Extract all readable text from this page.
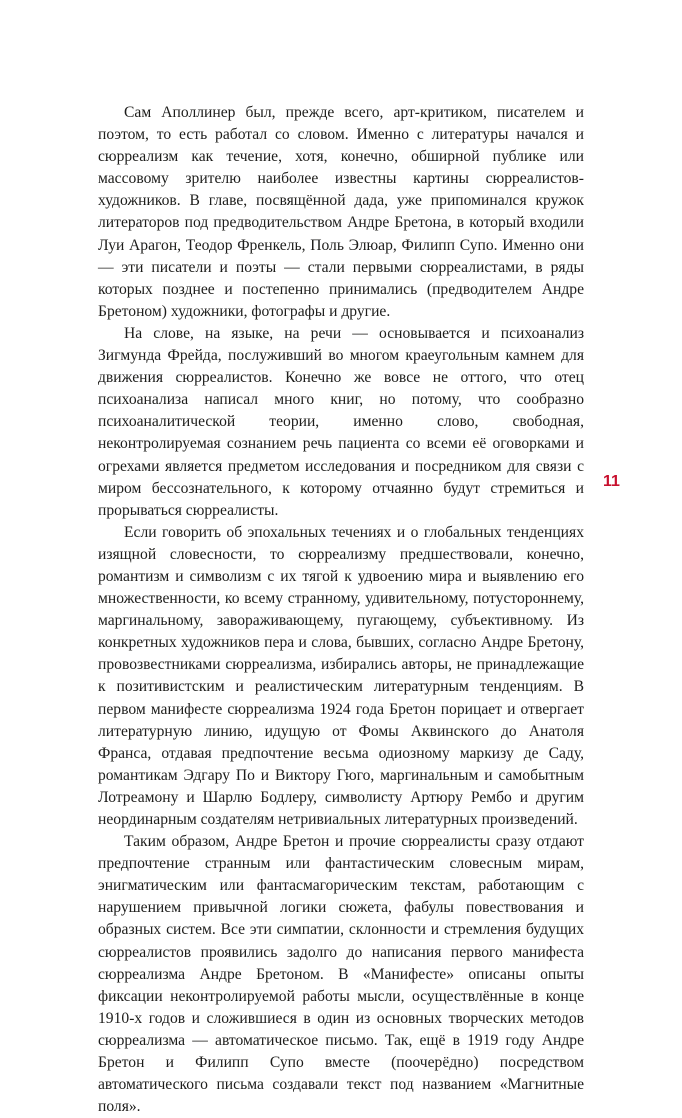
Сам Аполлинер был, прежде всего, арт-критиком, писателем и поэтом, то есть работал со словом. Именно с литературы начался и сюрреализм как течение, хотя, конечно, обширной публике или массовому зрителю наиболее известны картины сюрреалистов-художников. В главе, посвящённой дада, уже припоминался кружок литераторов под предводительством Андре Бретона, в который входили Луи Арагон, Теодор Френкель, Поль Элюар, Филипп Супо. Именно они — эти писатели и поэты — стали первыми сюрреалистами, в ряды которых позднее и постепенно принимались (предводителем Андре Бретоном) художники, фотографы и другие.

На слове, на языке, на речи — основывается и психоанализ Зигмунда Фрейда, послуживший во многом краеугольным камнем для движения сюрреалистов. Конечно же вовсе не оттого, что отец психоанализа написал много книг, но потому, что сообразно психоаналитической теории, именно слово, свободная, неконтролируемая сознанием речь пациента со всеми её оговорками и огрехами является предметом исследования и посредником для связи с миром бессознательного, к которому отчаянно будут стремиться и прорываться сюрреалисты.

Если говорить об эпохальных течениях и о глобальных тенденциях изящной словесности, то сюрреализму предшествовали, конечно, романтизм и символизм с их тягой к удвоению мира и выявлению его множественности, ко всему странному, удивительному, потустороннему, маргинальному, завораживающему, пугающему, субъективному. Из конкретных художников пера и слова, бывших, согласно Андре Бретону, провозвестниками сюрреализма, избирались авторы, не принадлежащие к позитивистским и реалистическим литературным тенденциям. В первом манифесте сюрреализма 1924 года Бретон порицает и отвергает литературную линию, идущую от Фомы Аквинского до Анатоля Франса, отдавая предпочтение весьма одиозному маркизу де Саду, романтикам Эдгару По и Виктору Гюго, маргинальным и самобытным Лотреамону и Шарлю Бодлеру, символисту Артюру Рембо и другим неординарным создателям нетривиальных литературных произведений.

Таким образом, Андре Бретон и прочие сюрреалисты сразу отдают предпочтение странным или фантастическим словесным мирам, энигматическим или фантасмагорическим текстам, работающим с нарушением привычной логики сюжета, фабулы повествования и образных систем. Все эти симпатии, склонности и стремления будущих сюрреалистов проявились задолго до написания первого манифеста сюрреализма Андре Бретоном. В «Манифесте» описаны опыты фиксации неконтролируемой работы мысли, осуществлённые в конце 1910-х годов и сложившиеся в один из основных творческих методов сюрреализма — автоматическое письмо. Так, ещё в 1919 году Андре Бретон и Филипп Супо вместе (поочерёдно) посредством автоматического письма создавали текст под названием «Магнитные поля».

11
